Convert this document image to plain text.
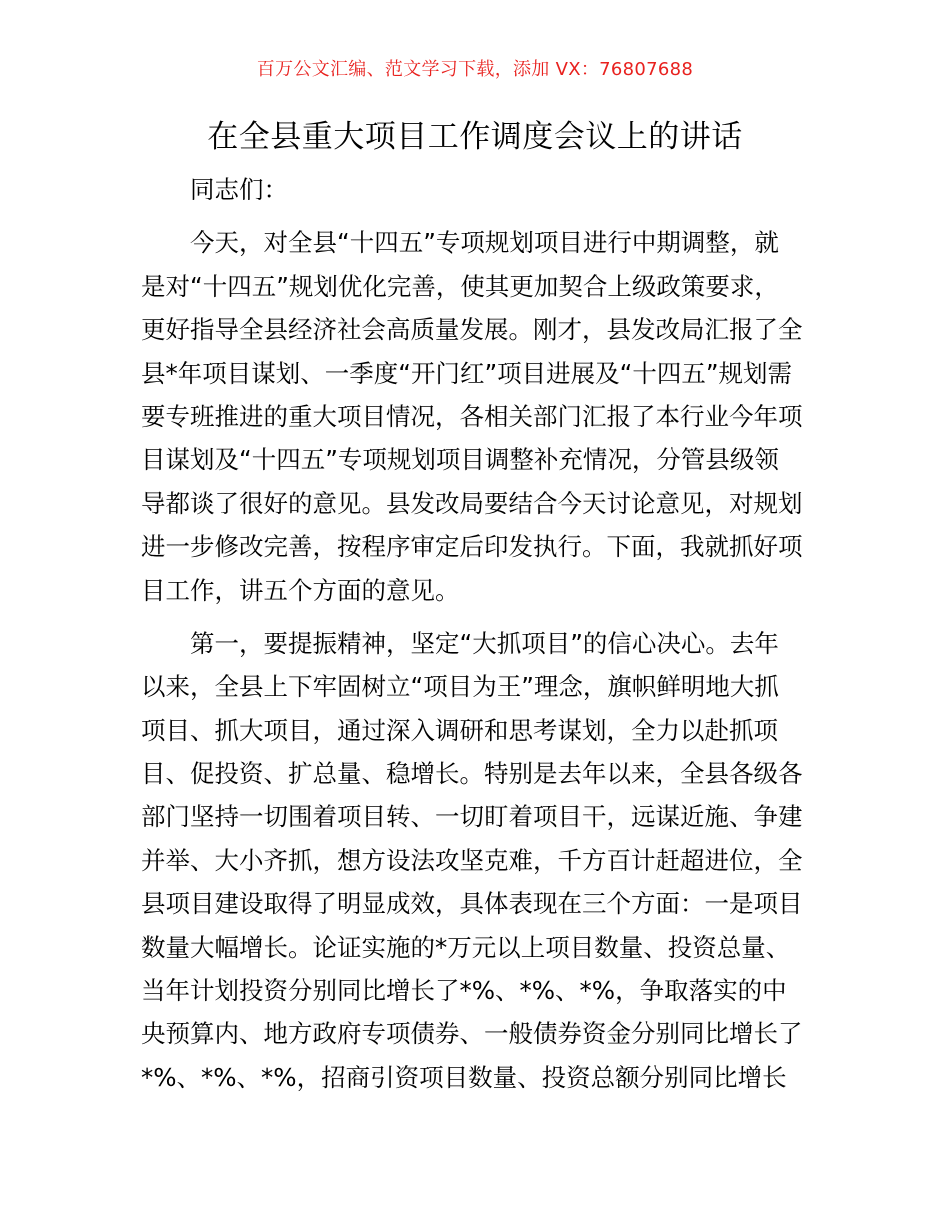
百万公文汇编、范文学习下载，添加 VX：76807688
在全县重大项目工作调度会议上的讲话
同志们：
今天，对全县“十四五”专项规划项目进行中期调整，就
是对“十四五”规划优化完善，使其更加契合上级政策要求，
更好指导全县经济社会高质量发展。刚才，县发改局汇报了全
县*年项目谋划、一季度“开门红”项目进展及“十四五”规划需
要专班推进的重大项目情况，各相关部门汇报了本行业今年项
目谋划及“十四五”专项规划项目调整补充情况，分管县级领
导都谈了很好的意见。县发改局要结合今天讨论意见，对规划
进一步修改完善，按程序审定后印发执行。下面，我就抓好项
目工作，讲五个方面的意见。
第一，要提振精神，坚定“大抓项目”的信心决心。去年
以来，全县上下牢固树立“项目为王”理念，旗帜鲜明地大抓
项目、抓大项目，通过深入调研和思考谋划，全力以赴抓项
目、促投资、扩总量、稳增长。特别是去年以来，全县各级各
部门坚持一切围着项目转、一切盯着项目干，远谋近施、争建
并举、大小齐抓，想方设法攻坚克难，千方百计赶超进位，全
县项目建设取得了明显成效，具体表现在三个方面：一是项目
数量大幅增长。论证实施的*万元以上项目数量、投资总量、
当年计划投资分别同比增长了*%、*%、*%，争取落实的中
央预算内、地方政府专项债券、一般债券资金分别同比增长了
*%、*%、*%，招商引资项目数量、投资总额分别同比增长
